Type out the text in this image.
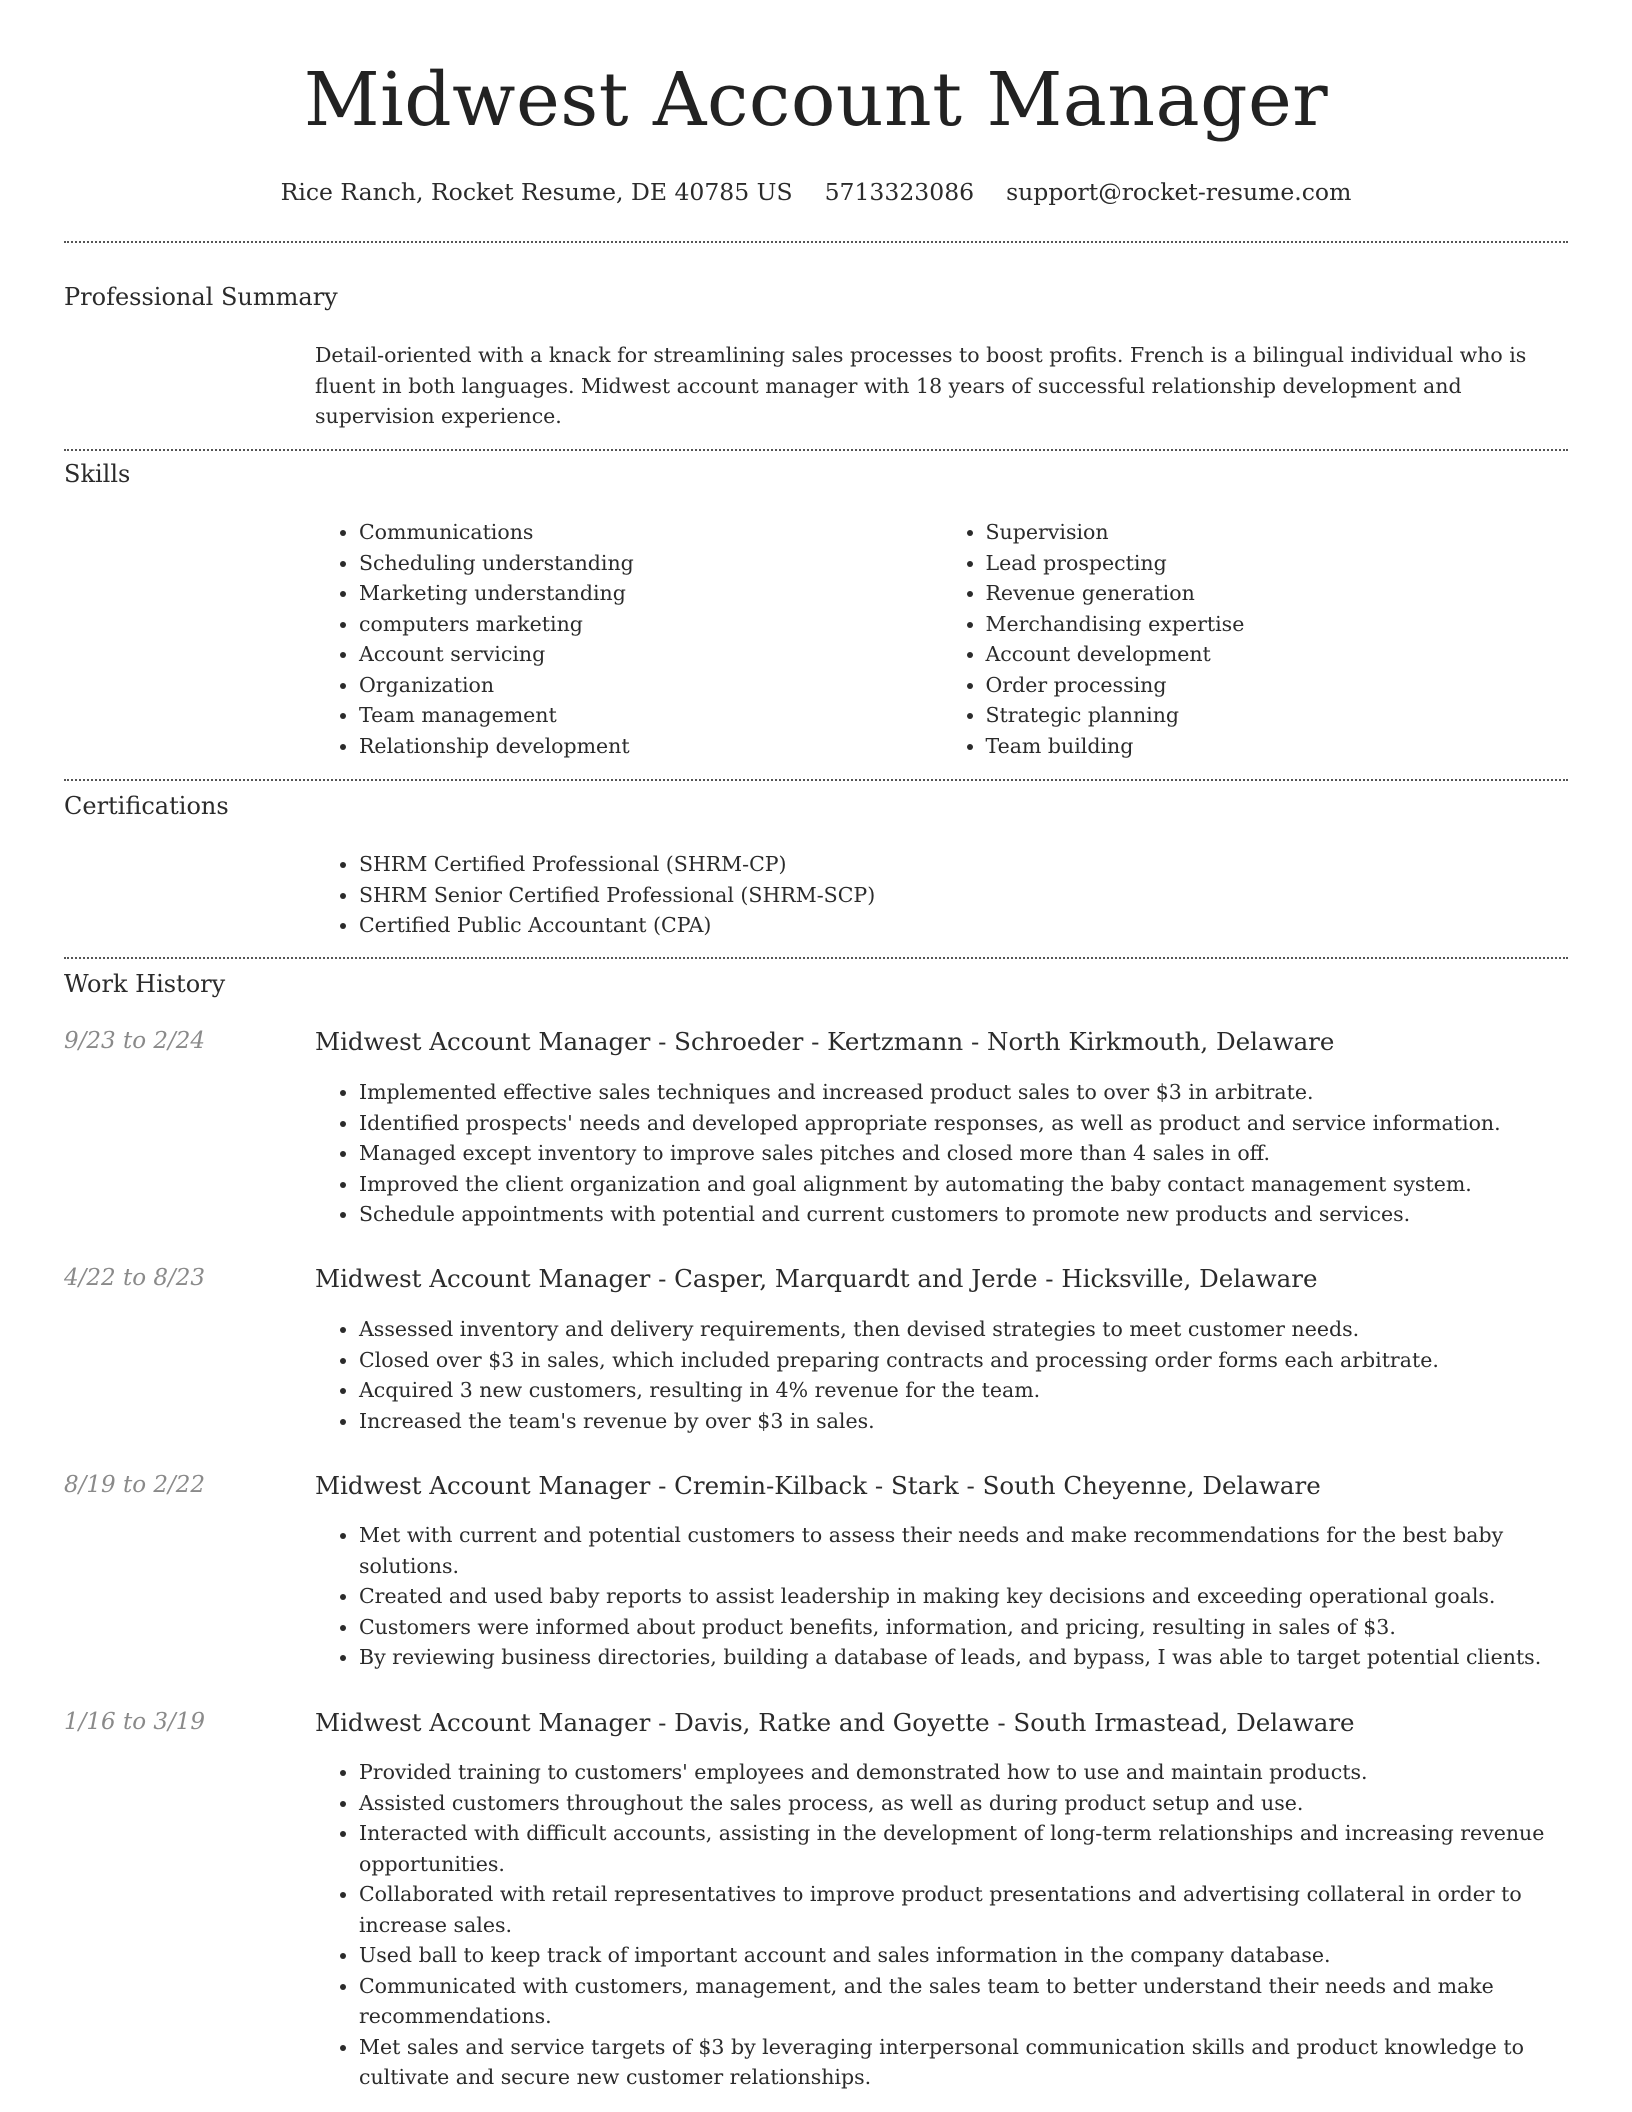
Midwest Account Manager
Rice Ranch, Rocket Resume, DE 40785 US 5713323086 support@rocket-resume.com
Professional Summary

Detail-oriented with a knack for streamlining sales processes to boost profits. French is a bilingual individual who is fluent in both languages. Midwest account manager with 18 years of successful relationship development and supervision experience.

Skills
• Communications
• Scheduling understanding
• Marketing understanding
• computers marketing
• Account servicing
• Organization
• Team management
• Relationship development
• Supervision
• Lead prospecting
• Revenue generation
• Merchandising expertise
• Account development
• Order processing
• Strategic planning
• Team building
Certifications
• SHRM Certified Professional (SHRM-CP)
• SHRM Senior Certified Professional (SHRM-SCP)
• Certified Public Accountant (CPA)
Work History
9/23 to 2/24	Midwest Account Manager - Schroeder - Kertzmann - North Kirkmouth, Delaware
• Implemented effective sales techniques and increased product sales to over $3 in arbitrate.
• Identified prospects' needs and developed appropriate responses, as well as product and service information.
• Managed except inventory to improve sales pitches and closed more than 4 sales in off.
• Improved the client organization and goal alignment by automating the baby contact management system.
• Schedule appointments with potential and current customers to promote new products and services.
4/22 to 8/23	Midwest Account Manager - Casper, Marquardt and Jerde - Hicksville, Delaware
• Assessed inventory and delivery requirements, then devised strategies to meet customer needs.
• Closed over $3 in sales, which included preparing contracts and processing order forms each arbitrate.
• Acquired 3 new customers, resulting in 4% revenue for the team.
• Increased the team's revenue by over $3 in sales.
8/19 to 2/22	Midwest Account Manager - Cremin-Kilback - Stark - South Cheyenne, Delaware
• Met with current and potential customers to assess their needs and make recommendations for the best baby solutions.
• Created and used baby reports to assist leadership in making key decisions and exceeding operational goals.
• Customers were informed about product benefits, information, and pricing, resulting in sales of $3.
• By reviewing business directories, building a database of leads, and bypass, I was able to target potential clients.
1/16 to 3/19	Midwest Account Manager - Davis, Ratke and Goyette - South Irmastead, Delaware
• Provided training to customers' employees and demonstrated how to use and maintain products.
• Assisted customers throughout the sales process, as well as during product setup and use.
• Interacted with difficult accounts, assisting in the development of long-term relationships and increasing revenue opportunities.
• Collaborated with retail representatives to improve product presentations and advertising collateral in order to increase sales.
• Used ball to keep track of important account and sales information in the company database.
• Communicated with customers, management, and the sales team to better understand their needs and make recommendations.
• Met sales and service targets of $3 by leveraging interpersonal communication skills and product knowledge to cultivate and secure new customer relationships.
